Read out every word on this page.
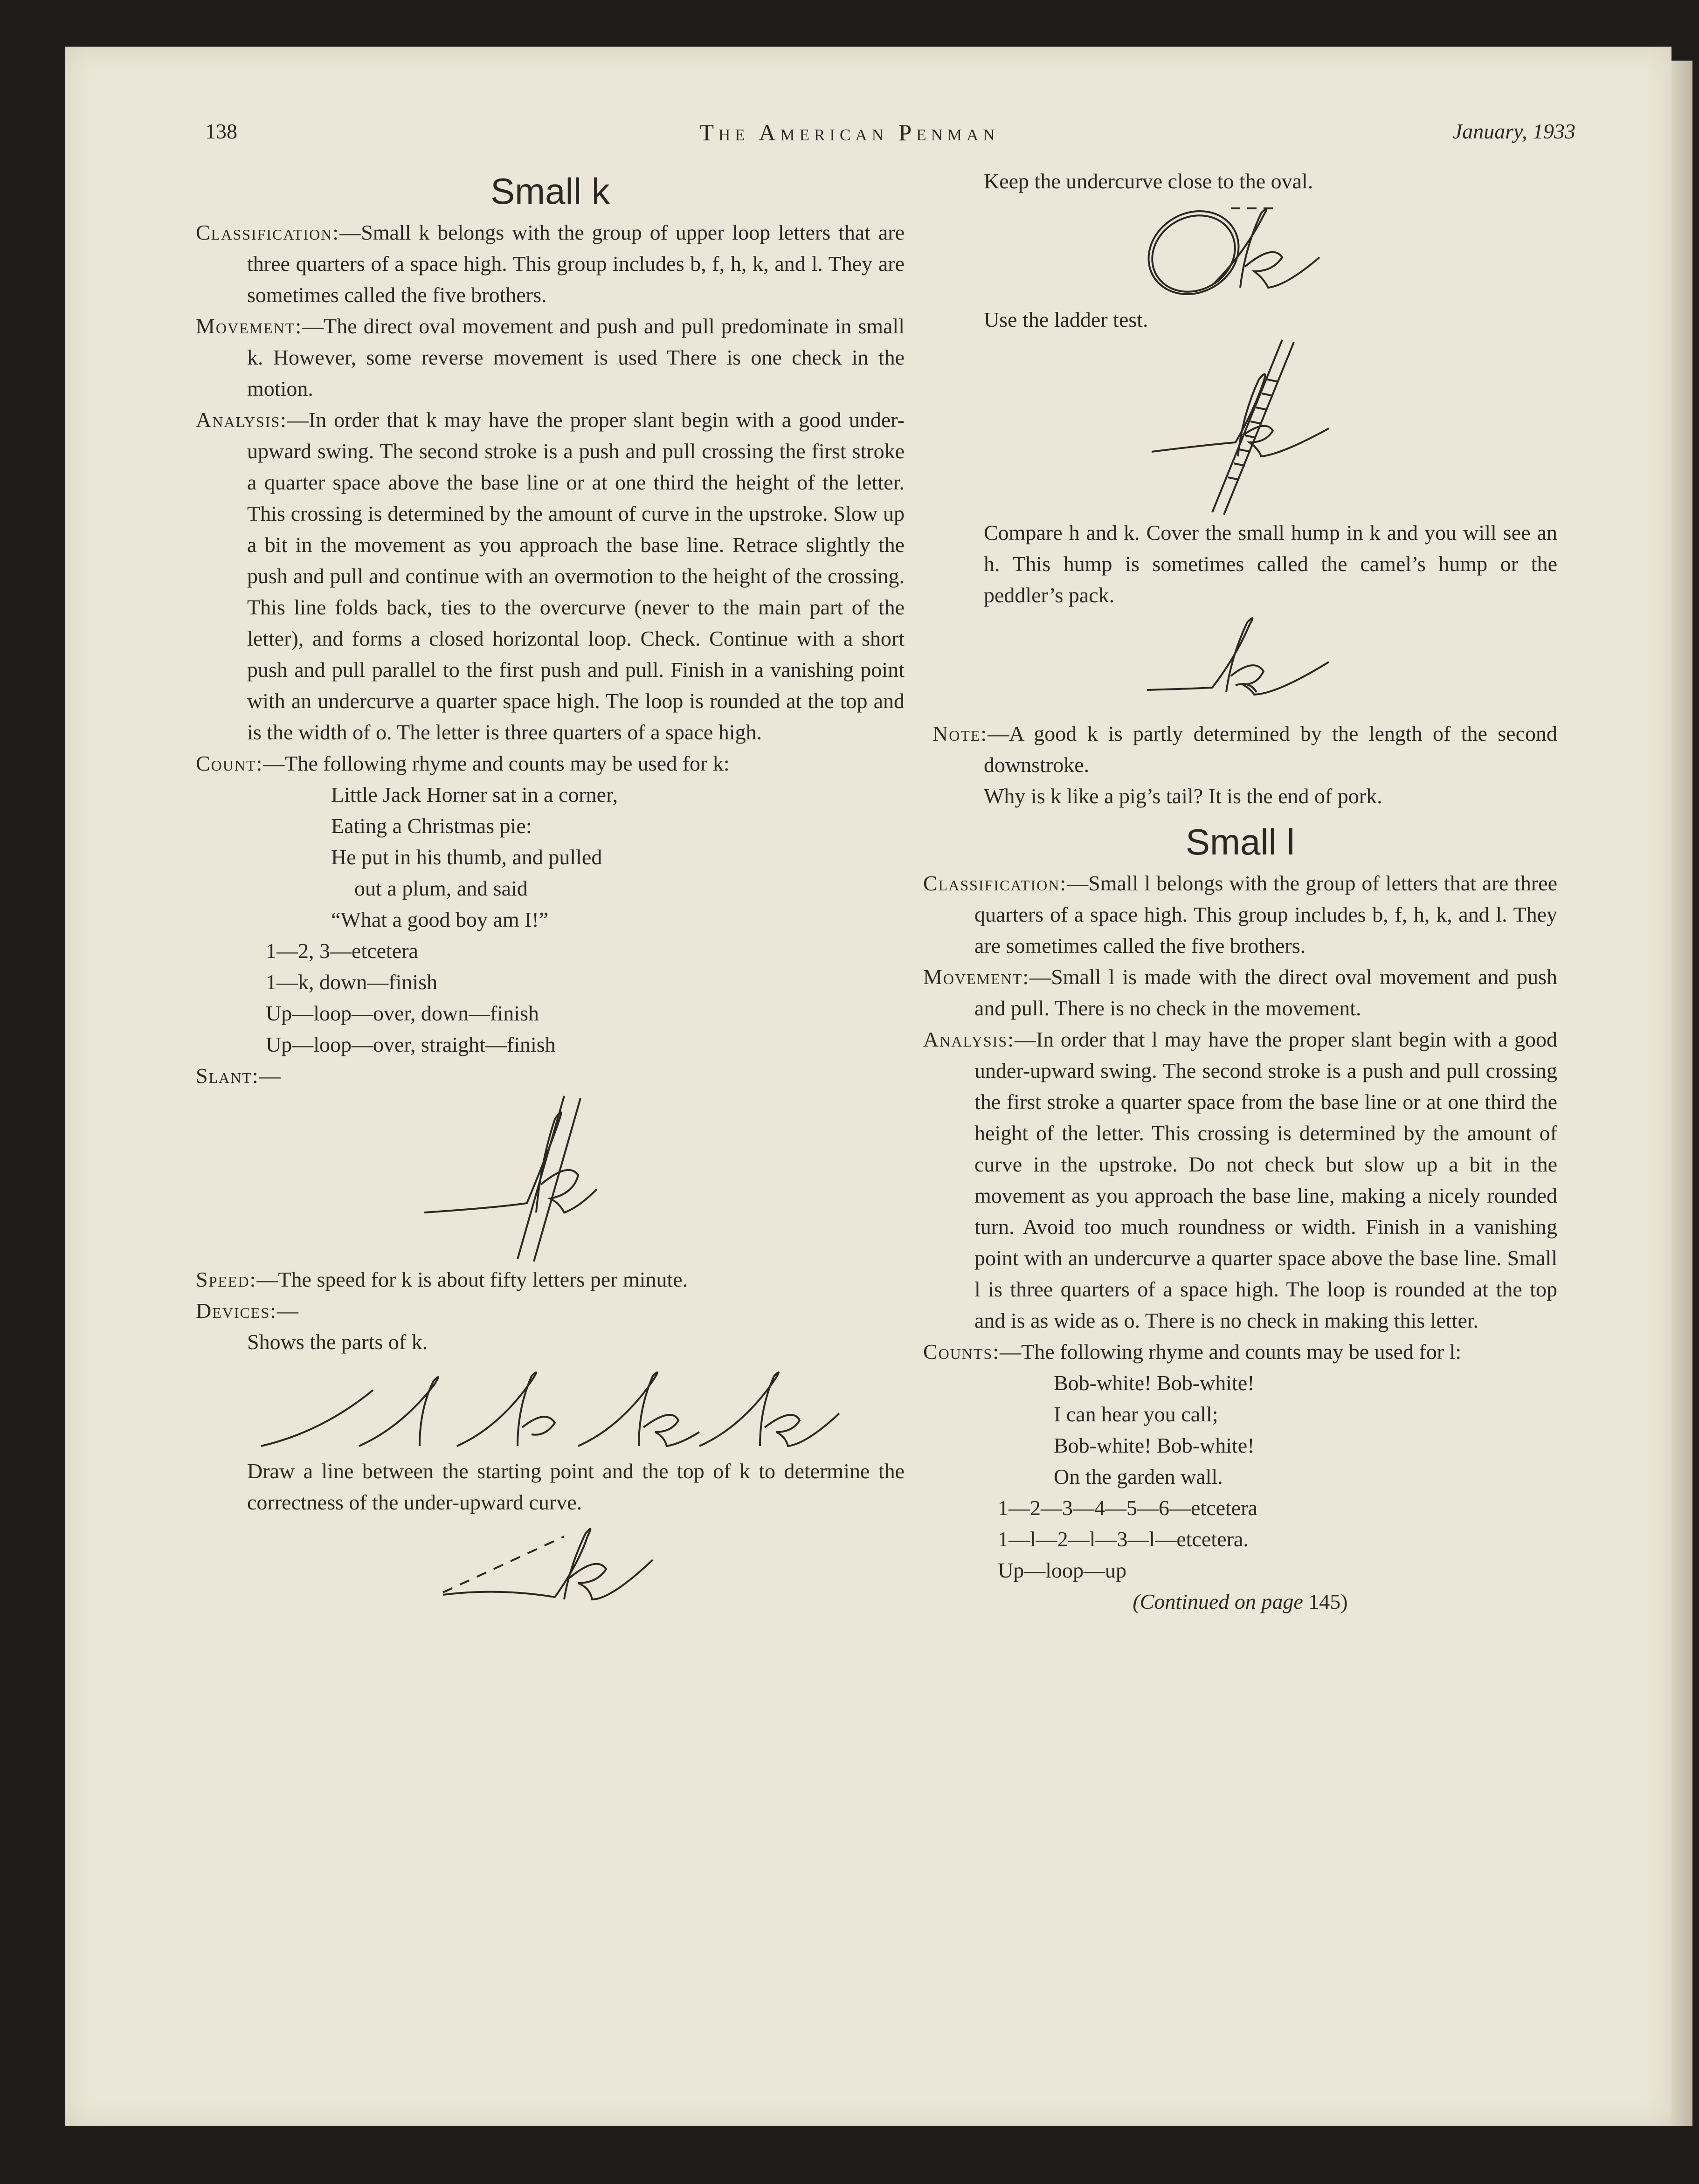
138	The American Penman	January, 1933
Small k

Classification:—Small k belongs with the group of upper loop letters that are three quarters of a space high. This group includes b, f, h, k, and l. They are sometimes called the five brothers.

Movement:—The direct oval movement and push and pull predominate in small k. However, some reverse movement is used There is one check in the motion.

Analysis:—In order that k may have the proper slant begin with a good under-upward swing. The second stroke is a push and pull crossing the first stroke a quarter space above the base line or at one third the height of the letter. This crossing is determined by the amount of curve in the upstroke. Slow up a bit in the movement as you approach the base line. Retrace slightly the push and pull and continue with an overmotion to the height of the crossing. This line folds back, ties to the overcurve (never to the main part of the letter), and forms a closed horizontal loop. Check. Continue with a short push and pull parallel to the first push and pull. Finish in a vanishing point with an undercurve a quarter space high. The loop is rounded at the top and is the width of o. The letter is three quarters of a space high.

Count:—The following rhyme and counts may be used for k:

Little Jack Horner sat in a corner,

Eating a Christmas pie:

He put in his thumb, and pulled

out a plum, and said

“What a good boy am I!”

1—2, 3—etcetera

1—k, down—finish

Up—loop—over, down—finish

Up—loop—over, straight—finish

Slant:—

Speed:—The speed for k is about fifty letters per minute.

Devices:—

Shows the parts of k.

Draw a line between the starting point and the top of k to determine the correctness of the under-upward curve.

Keep the undercurve close to the oval.

Use the ladder test.

Compare h and k. Cover the small hump in k and you will see an h. This hump is sometimes called the camel’s hump or the peddler’s pack.

Note:—A good k is partly determined by the length of the second downstroke.

Why is k like a pig’s tail? It is the end of pork.

Small l

Classification:—Small l belongs with the group of letters that are three quarters of a space high. This group includes b, f, h, k, and l. They are sometimes called the five brothers.

Movement:—Small l is made with the direct oval movement and push and pull. There is no check in the movement.

Analysis:—In order that l may have the proper slant begin with a good under-upward swing. The second stroke is a push and pull crossing the first stroke a quarter space from the base line or at one third the height of the letter. This crossing is determined by the amount of curve in the upstroke. Do not check but slow up a bit in the movement as you approach the base line, making a nicely rounded turn. Avoid too much roundness or width. Finish in a vanishing point with an undercurve a quarter space above the base line. Small l is three quarters of a space high. The loop is rounded at the top and is as wide as o. There is no check in making this letter.

Counts:—The following rhyme and counts may be used for l:

Bob-white! Bob-white!

I can hear you call;

Bob-white! Bob-white!

On the garden wall.

1—2—3—4—5—6—etcetera

1—l—2—l—3—l—etcetera.

Up—loop—up

(Continued on page 145)
